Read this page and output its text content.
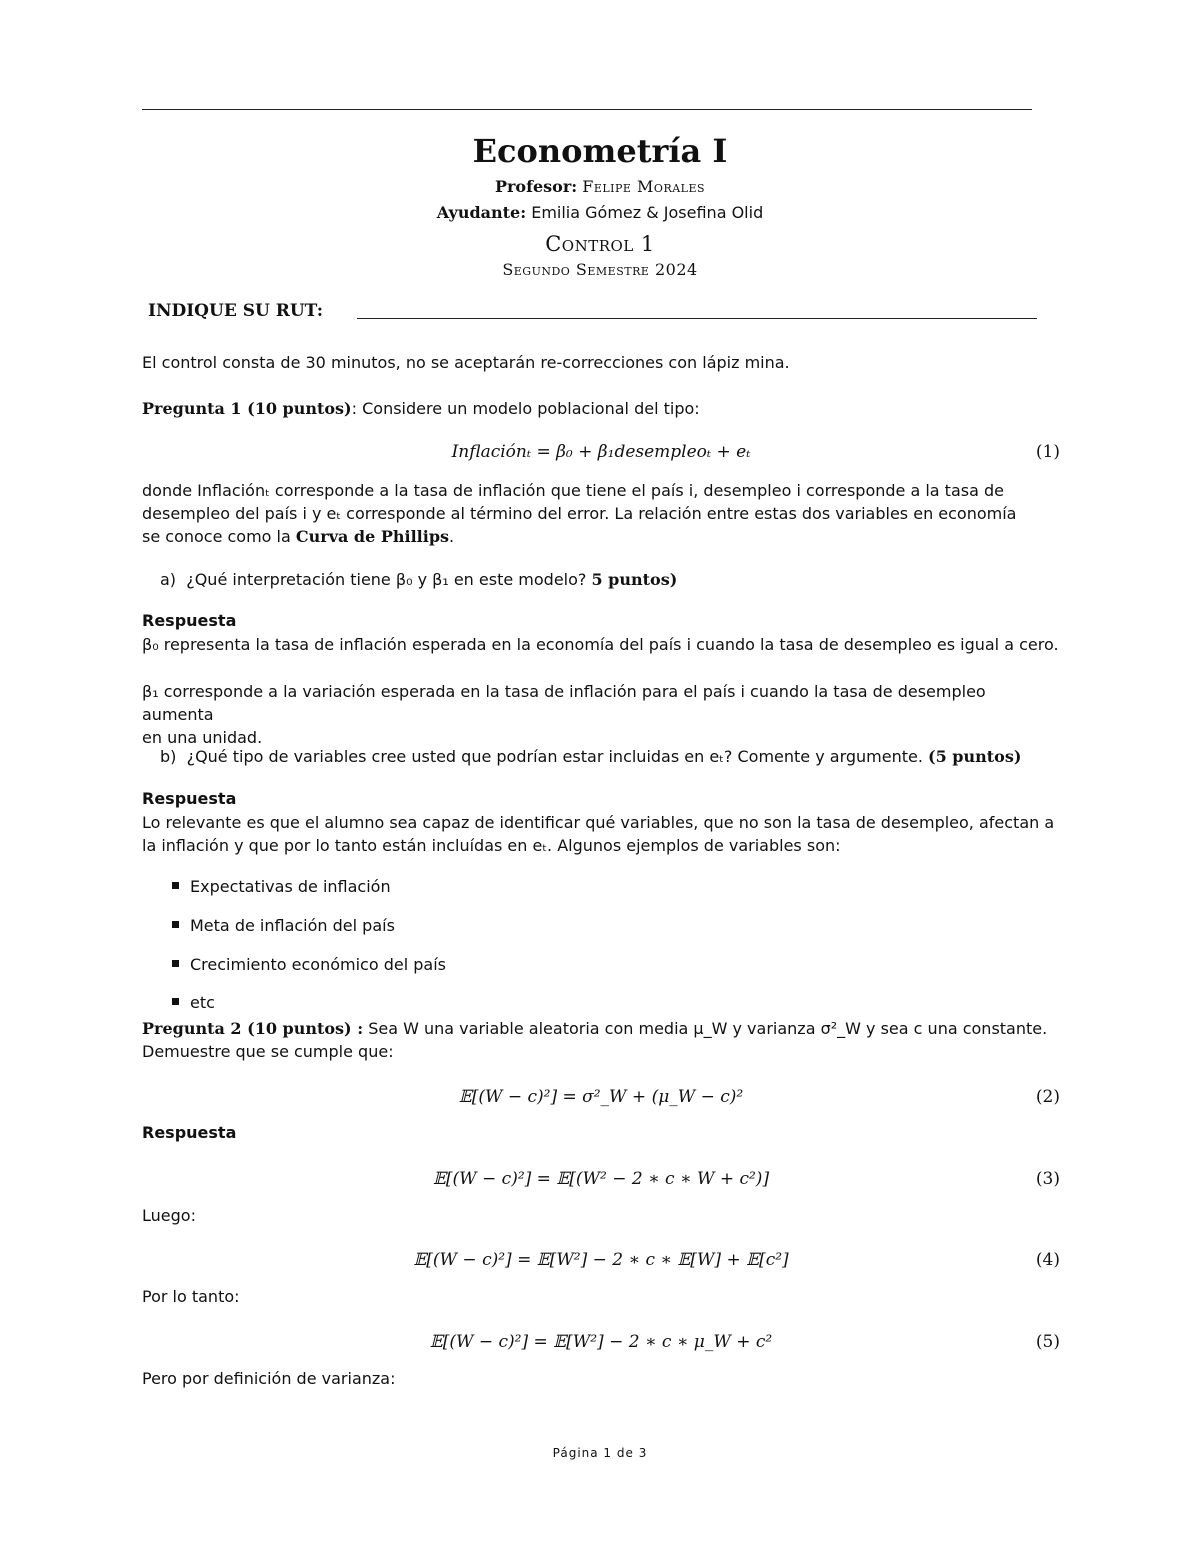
Econometría I
Profesor: Felipe Morales
Ayudante: Emilia Gómez & Josefina Olid
Control 1
Segundo Semestre 2024
INDIQUE SU RUT:
El control consta de 30 minutos, no se aceptarán re-correcciones con lápiz mina.
Pregunta 1 (10 puntos): Considere un modelo poblacional del tipo:
Inflaciónₜ = β₀ + β₁desempleoₜ + eₜ	(1)
donde Inflaciónₜ corresponde a la tasa de inflación que tiene el país i, desempleo i corresponde a la tasa de
desempleo del país i y eₜ corresponde al término del error. La relación entre estas dos variables en economía
se conoce como la Curva de Phillips.
a) ¿Qué interpretación tiene β₀ y β₁ en este modelo? 5 puntos)
Respuesta
β₀ representa la tasa de inflación esperada en la economía del país i cuando la tasa de desempleo es igual a cero.
β₁ corresponde a la variación esperada en la tasa de inflación para el país i cuando la tasa de desempleo aumenta
en una unidad.
b) ¿Qué tipo de variables cree usted que podrían estar incluidas en eₜ? Comente y argumente. (5 puntos)
Respuesta
Lo relevante es que el alumno sea capaz de identificar qué variables, que no son la tasa de desempleo, afectan a
la inflación y que por lo tanto están incluídas en eₜ. Algunos ejemplos de variables son:
Expectativas de inflación
Meta de inflación del país
Crecimiento económico del país
etc
Pregunta 2 (10 puntos) : Sea W una variable aleatoria con media μ_W y varianza σ²_W y sea c una constante.
Demuestre que se cumple que:
𝔼[(W − c)²] = σ²_W + (μ_W − c)²	(2)
Respuesta
𝔼[(W − c)²] = 𝔼[(W² − 2 ∗ c ∗ W + c²)]	(3)
Luego:
𝔼[(W − c)²] = 𝔼[W²] − 2 ∗ c ∗ 𝔼[W] + 𝔼[c²]	(4)
Por lo tanto:
𝔼[(W − c)²] = 𝔼[W²] − 2 ∗ c ∗ μ_W + c²	(5)
Pero por definición de varianza:
Página 1 de 3
